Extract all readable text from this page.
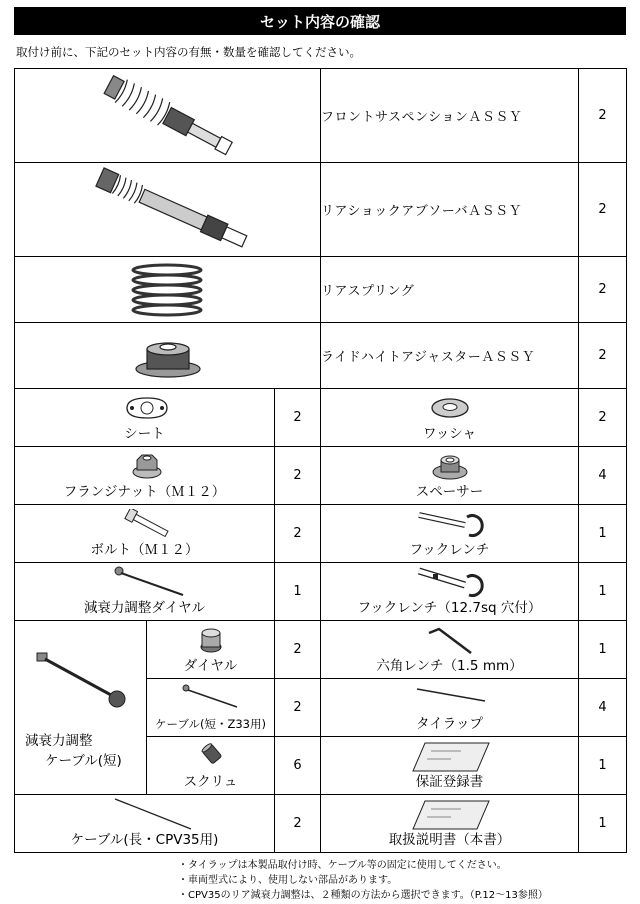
セット内容の確認
取付け前に、下記のセット内容の有無・数量を確認してください。
	フロントサスペンションＡＳＳＹ	2

	リアショックアブソーバＡＳＳＹ	2

	リアスプリング	2

	ライドハイトアジャスターＡＳＳＹ	2

シート		2	ワッシャ	2

フランジナット（Ｍ１２）		2	スペーサー	4

ボルト（Ｍ１２）		2	フックレンチ	1

減衰力調整ダイヤル		1	フックレンチ（12.7sq 穴付）	1

減衰力調整
ケーブル(短)	ダイヤル	2	六角レンチ（1.5 mm）	1

	ケーブル(短・Z33用)	2	タイラップ	4

	スクリュ	6	保証登録書	1

ケーブル(長・CPV35用)		2	取扱説明書（本書）	1
・タイラップは本製品取付け時、ケーブル等の固定に使用してください。
・車両型式により、使用しない部品があります。
・CPV35のリア減衰力調整は、２種類の方法から選択できます。（P.12〜13参照）
